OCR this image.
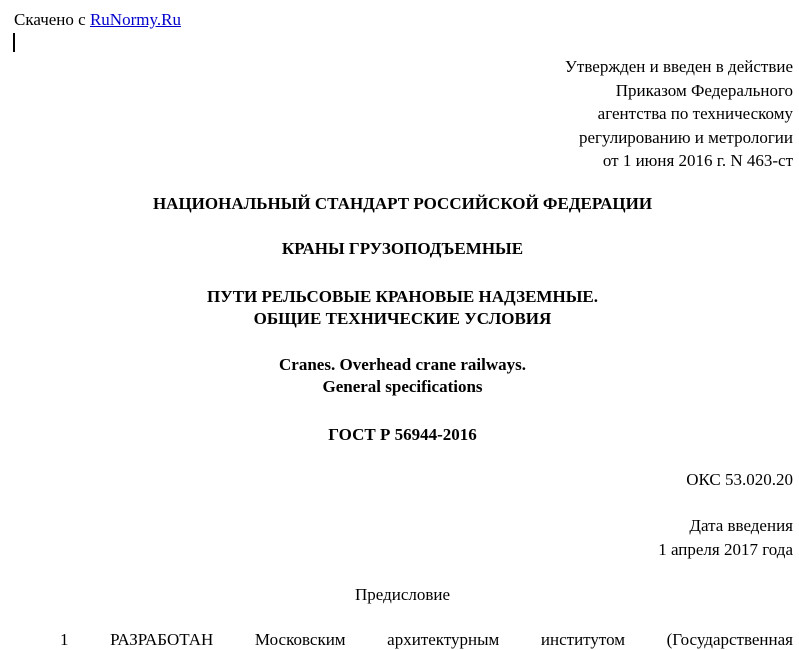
Скачено с RuNormy.Ru
Утвержден и введен в действие
Приказом Федерального
агентства по техническому
регулированию и метрологии
от 1 июня 2016 г. N 463-ст
НАЦИОНАЛЬНЫЙ СТАНДАРТ РОССИЙСКОЙ ФЕДЕРАЦИИ
КРАНЫ ГРУЗОПОДЪЕМНЫЕ
ПУТИ РЕЛЬСОВЫЕ КРАНОВЫЕ НАДЗЕМНЫЕ.
ОБЩИЕ ТЕХНИЧЕСКИЕ УСЛОВИЯ
Cranes. Overhead crane railways.
General specifications
ГОСТ Р 56944-2016
ОКС 53.020.20
Дата введения
1 апреля 2017 года
Предисловие
1 РАЗРАБОТАН Московским архитектурным институтом (Государственная
